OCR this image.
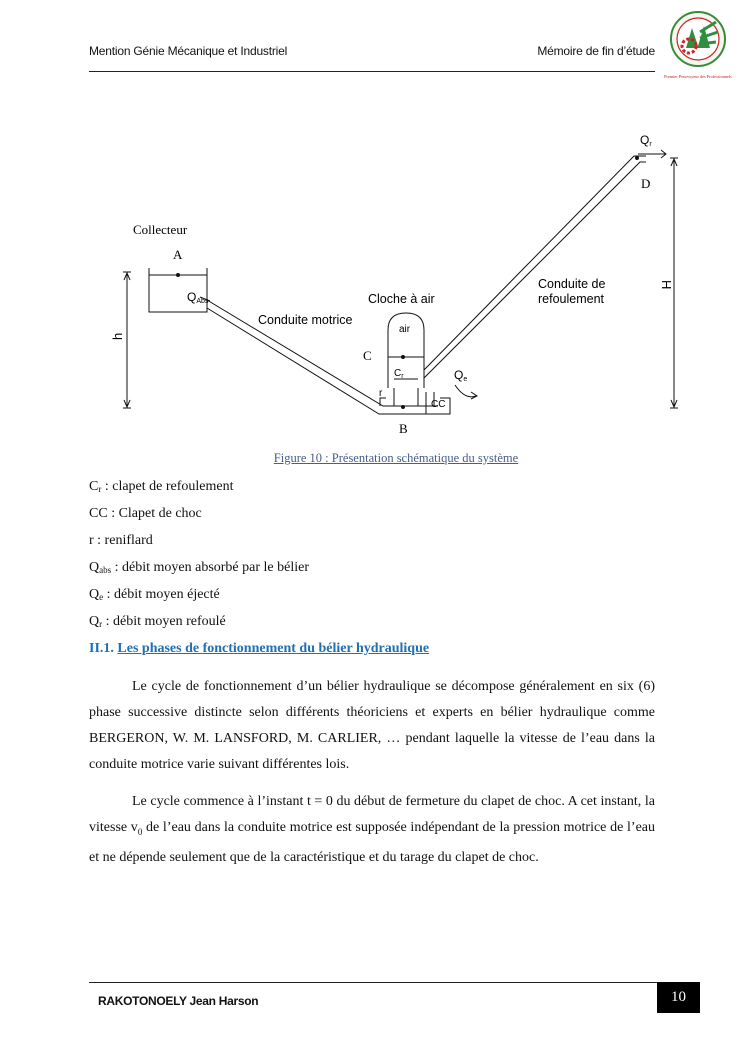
Mention Génie Mécanique et Industriel	Mémoire de fin d’étude
Premier Pourvoyeur des Professionnels
Collecteur
A
B
C
D
h
H
QAbs
Qr
Qe
Conduite motrice
Cloche à air
air
Conduite de
refoulement
$C_r$
r
CC
Figure 10 : Présentation schématique du système
$C_r$ : clapet de refoulement
CC : Clapet de choc
r : reniflard
$Q_{abs}$ : débit moyen absorbé par le bélier
$Q_e$ : débit moyen éjecté
$Q_r$ : débit moyen refoulé
II.1. Les phases de fonctionnement du bélier hydraulique
Le cycle de fonctionnement d’un bélier hydraulique se décompose généralement en six (6) phase successive distincte selon différents théoriciens et experts en bélier hydraulique comme BERGERON, W. M. LANSFORD, M. CARLIER, … pendant laquelle la vitesse de l’eau dans la conduite motrice varie suivant différentes lois.
Le cycle commence à l’instant t = 0 du début de fermeture du clapet de choc. A cet instant, la vitesse $v_0$ de l’eau dans la conduite motrice est supposée indépendant de la pression motrice de l’eau et ne dépende seulement que de la caractéristique et du tarage du clapet de choc.
RAKOTONOELY Jean Harson	10
